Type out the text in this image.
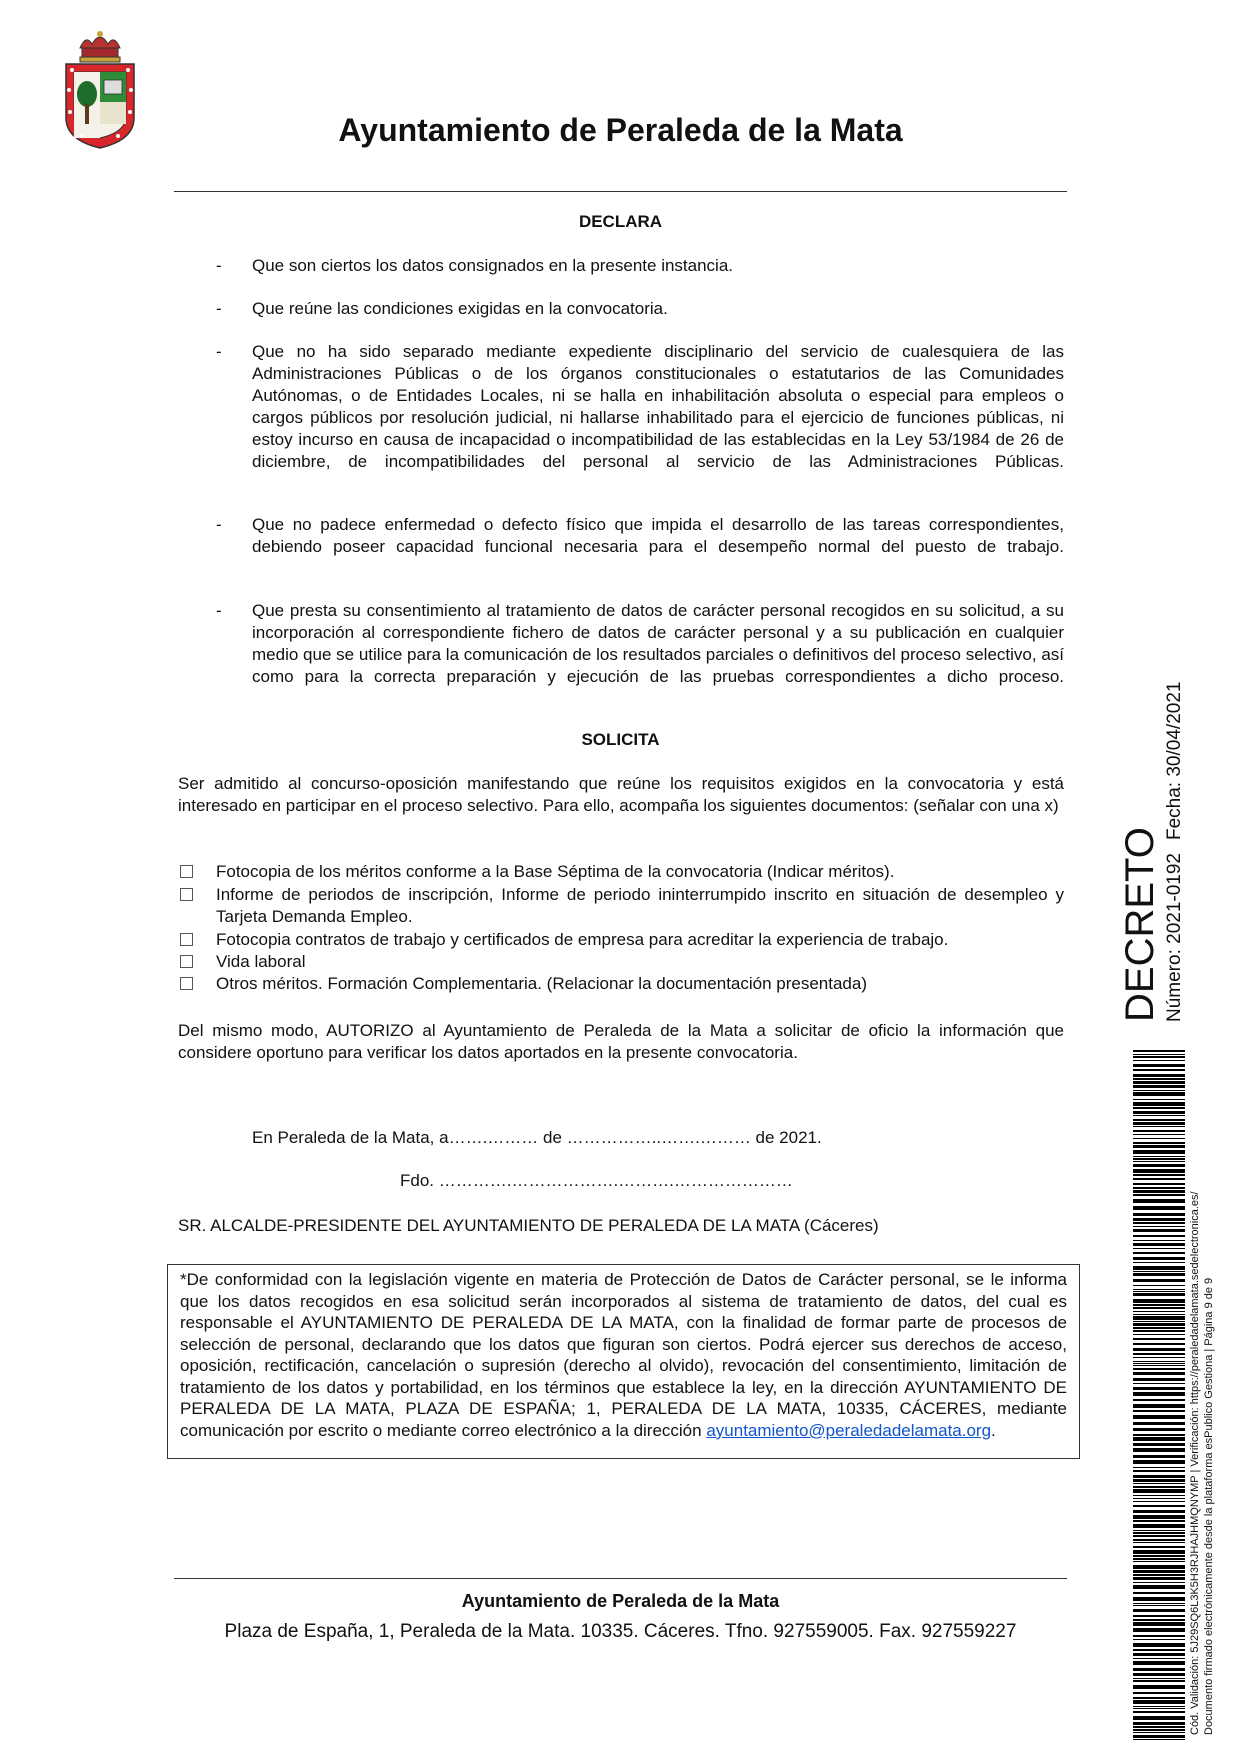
Ayuntamiento de Peraleda de la Mata
DECLARA
- Que son ciertos los datos consignados en la presente instancia.
- Que reúne las condiciones exigidas en la convocatoria.
- Que no ha sido separado mediante expediente disciplinario del servicio de cualesquiera de las Administraciones Públicas o de los órganos constitucionales o estatutarios de las Comunidades Autónomas, o de Entidades Locales, ni se halla en inhabilitación absoluta o especial para empleos o cargos públicos por resolución judicial, ni hallarse inhabilitado para el ejercicio de funciones públicas, ni estoy incurso en causa de incapacidad o incompatibilidad de las establecidas en la Ley 53/1984 de 26 de diciembre, de incompatibilidades del personal al servicio de las Administraciones Públicas.
- Que no padece enfermedad o defecto físico que impida el desarrollo de las tareas correspondientes, debiendo poseer capacidad funcional necesaria para el desempeño normal del puesto de trabajo.
- Que presta su consentimiento al tratamiento de datos de carácter personal recogidos en su solicitud, a su incorporación al correspondiente fichero de datos de carácter personal y a su publicación en cualquier medio que se utilice para la comunicación de los resultados parciales o definitivos del proceso selectivo, así como para la correcta preparación y ejecución de las pruebas correspondientes a dicho proceso.
SOLICITA
Ser admitido al concurso-oposición manifestando que reúne los requisitos exigidos en la convocatoria y está interesado en participar en el proceso selectivo. Para ello, acompaña los siguientes documentos: (señalar con una x)
Fotocopia de los méritos conforme a la Base Séptima de la convocatoria (Indicar méritos).
Informe de periodos de inscripción, Informe de periodo ininterrumpido inscrito en situación de desempleo y Tarjeta Demanda Empleo.
Fotocopia contratos de trabajo y certificados de empresa para acreditar la experiencia de trabajo.
Vida laboral
Otros méritos. Formación Complementaria. (Relacionar la documentación presentada)
Del mismo modo, AUTORIZO al Ayuntamiento de Peraleda de la Mata a solicitar de oficio la información que considere oportuno para verificar los datos aportados en la presente convocatoria.
En Peraleda de la Mata, a…….……… de ……………..…….……… de 2021.
Fdo. ………….……………….……….…………………
SR. ALCALDE-PRESIDENTE DEL AYUNTAMIENTO DE PERALEDA DE LA MATA (Cáceres)
*De conformidad con la legislación vigente en materia de Protección de Datos de Carácter personal, se le informa que los datos recogidos en esa solicitud serán incorporados al sistema de tratamiento de datos, del cual es responsable el AYUNTAMIENTO DE PERALEDA DE LA MATA, con la finalidad de formar parte de procesos de selección de personal, declarando que los datos que figuran son ciertos. Podrá ejercer sus derechos de acceso, oposición, rectificación, cancelación o supresión (derecho al olvido), revocación del consentimiento, limitación de tratamiento de los datos y portabilidad, en los términos que establece la ley, en la dirección AYUNTAMIENTO DE PERALEDA DE LA MATA, PLAZA DE ESPAÑA; 1, PERALEDA DE LA MATA, 10335, CÁCERES, mediante comunicación por escrito o mediante correo electrónico a la dirección ayuntamiento@peraledadelamata.org.
Ayuntamiento de Peraleda de la Mata
Plaza de España, 1, Peraleda de la Mata. 10335. Cáceres. Tfno. 927559005. Fax. 927559227
DECRETO Número: 2021-0192
Fecha: 30/04/2021
Cód. Validación: 5J29SQ6L3K5H3RJHAJHMQNYMP | Verificación: https://peraledadelamata.sedelectronica.es/ Documento firmado electrónicamente desde la plataforma esPublico Gestiona | Página 9 de 9
